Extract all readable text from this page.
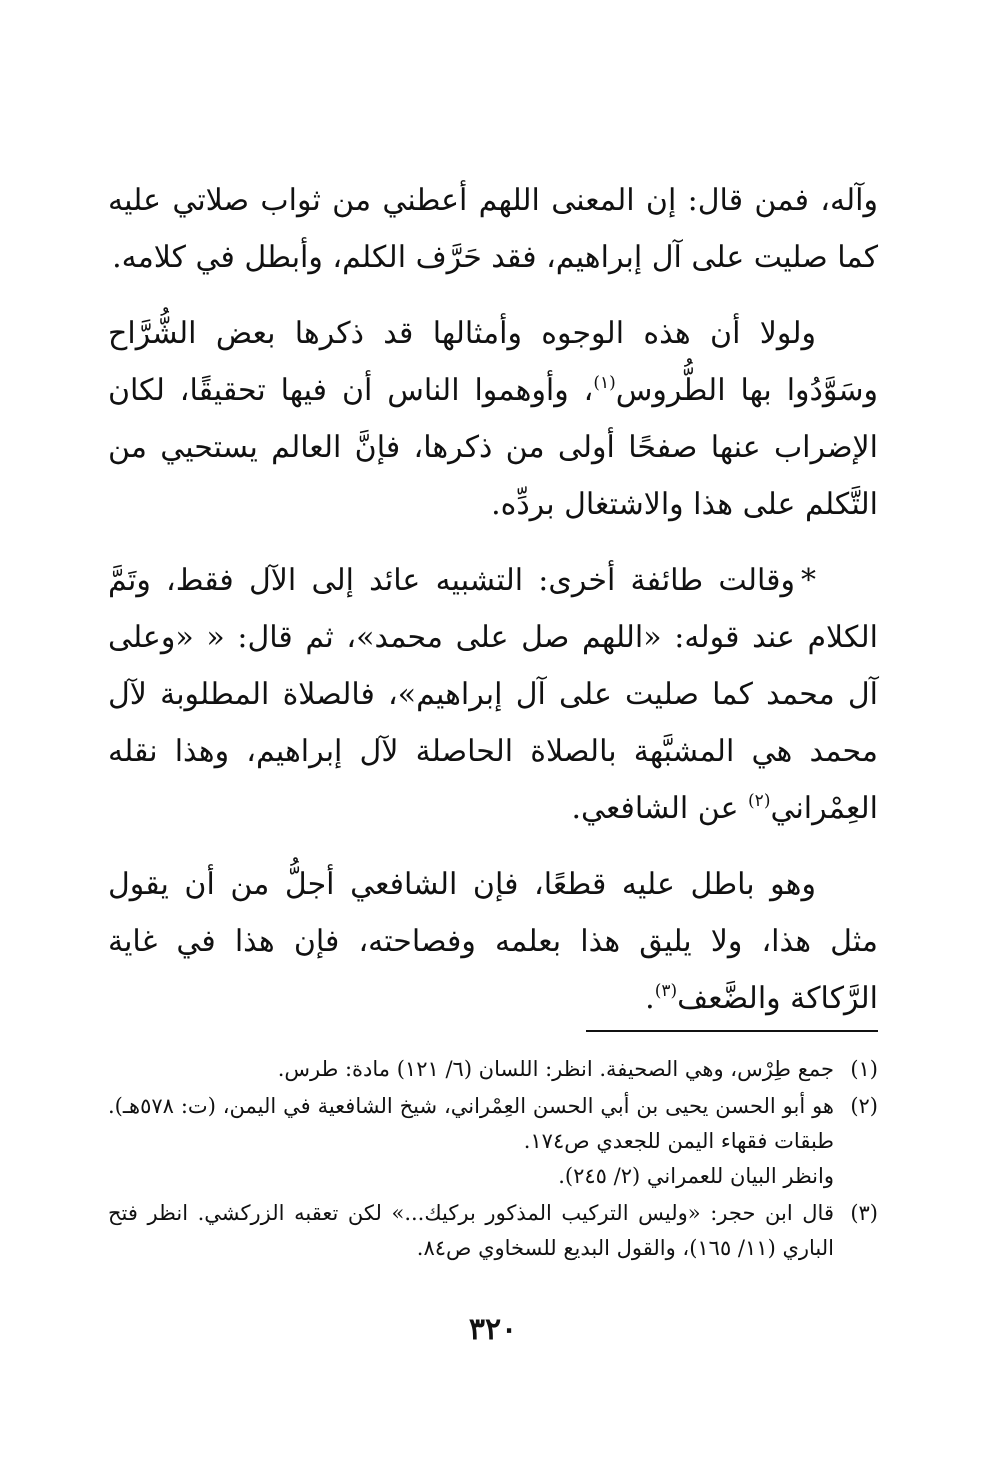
وآله، فمن قال: إن المعنى اللهم أعطني من ثواب صلاتي عليه كما صليت على آل إبراهيم، فقد حَرَّف الكلم، وأبطل في كلامه.

ولولا أن هذه الوجوه وأمثالها قد ذكرها بعض الشُّرَّاح وسَوَّدُوا بها الطُّروس$^{(١)}$، وأوهموا الناس أن فيها تحقيقًا، لكان الإضراب عنها صفحًا أولى من ذكرها، فإنَّ العالم يستحيي من التَّكلم على هذا والاشتغال بردِّه.

*وقالت طائفة أخرى: التشبيه عائد إلى الآل فقط، وتَمَّ الكلام عند قوله: «اللهم صل على محمد»، ثم قال: « «وعلى آل محمد كما صليت على آل إبراهيم»، فالصلاة المطلوبة لآل محمد هي المشبَّهة بالصلاة الحاصلة لآل إبراهيم، وهذا نقله العِمْراني$^{(٢)}$ عن الشافعي.

وهو باطل عليه قطعًا، فإن الشافعي أجلُّ من أن يقول مثل هذا، ولا يليق هذا بعلمه وفصاحته، فإن هذا في غاية الرَّكاكة والضَّعف$^{(٣)}$.

(١)
جمع طِرْس، وهي الصحيفة. انظر: اللسان (٦/ ١٢١) مادة: طرس.
(٢)
هو أبو الحسن يحيى بن أبي الحسن العِمْراني، شيخ الشافعية في اليمن، (ت: ٥٧٨هـ). طبقات فقهاء اليمن للجعدي ص١٧٤.
وانظر البيان للعمراني (٢/ ٢٤٥).
(٣)
قال ابن حجر: «وليس التركيب المذكور بركيك...» لكن تعقبه الزركشي. انظر فتح الباري (١١/ ١٦٥)، والقول البديع للسخاوي ص٨٤.
٣٢٠
